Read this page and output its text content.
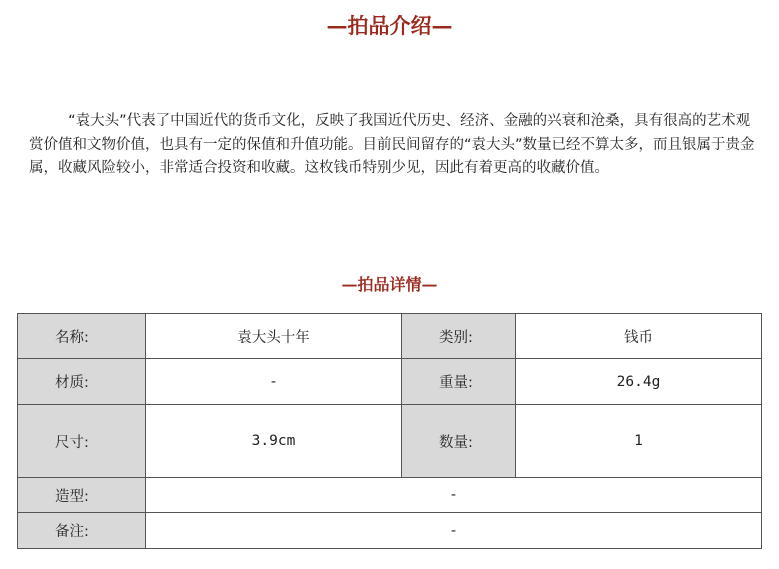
—拍品介绍—

“袁大头”代表了中国近代的货币文化，反映了我国近代历史、经济、金融的兴衰和沧桑，具有很高的艺术观赏价值和文物价值，也具有一定的保值和升值功能。目前民间留存的“袁大头”数量已经不算太多，而且银属于贵金属，收藏风险较小，非常适合投资和收藏。这枚钱币特别少见，因此有着更高的收藏价值。

—拍品详情—
名称:	袁大头十年	类别:	钱币
材质:	-	重量:	26.4g
尺寸:	3.9cm	数量:	1
造型:	-		
备注:	-		
